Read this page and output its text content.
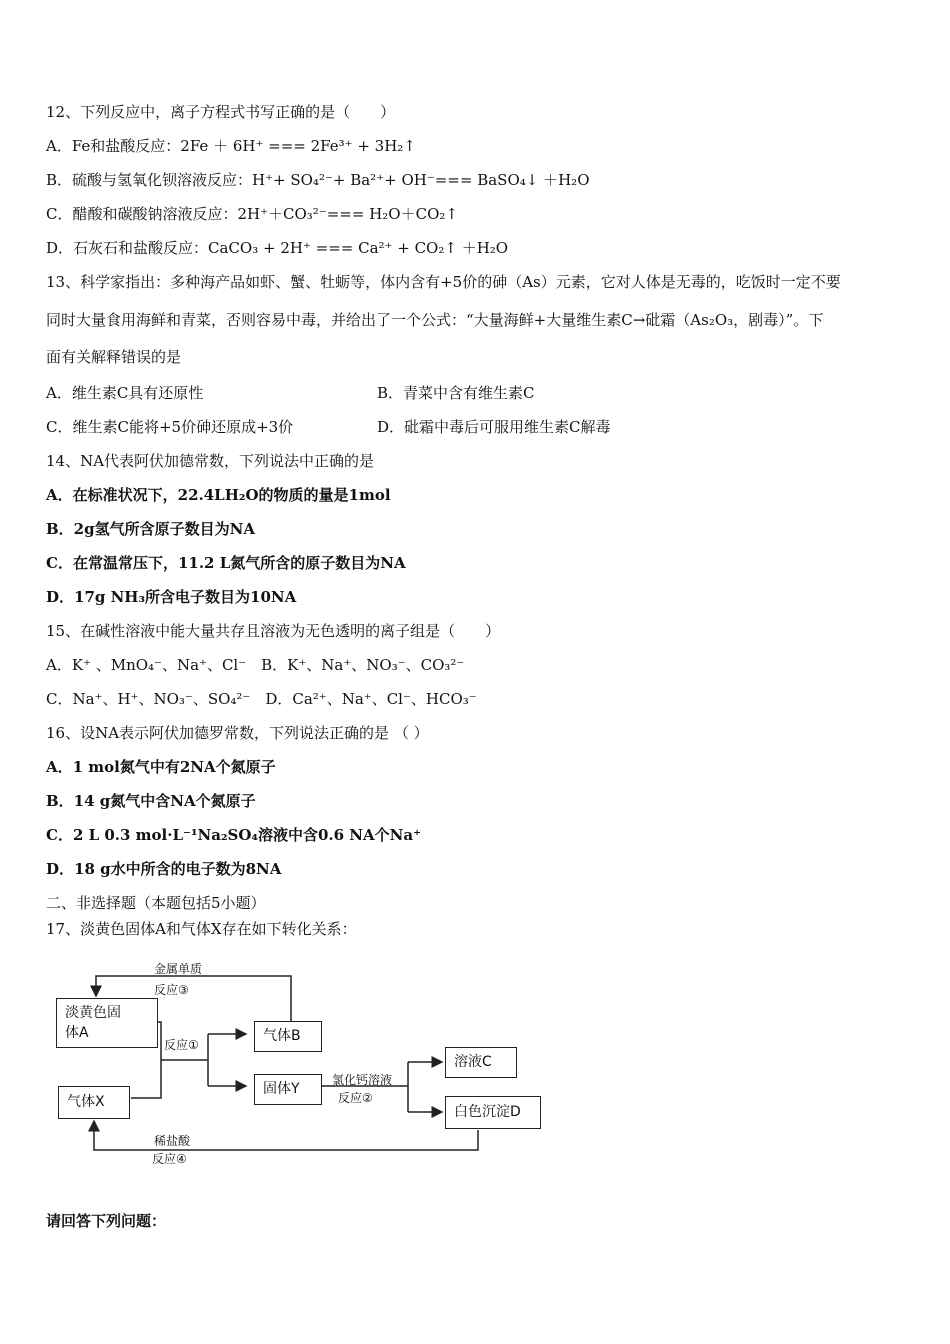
12、下列反应中，离子方程式书写正确的是（　　）
A．Fe和盐酸反应：2Fe ＋ 6H⁺ === 2Fe³⁺ + 3H₂↑
B．硫酸与氢氧化钡溶液反应：H⁺+ SO₄²⁻+ Ba²⁺+ OH⁻=== BaSO₄↓ ＋H₂O
C．醋酸和碳酸钠溶液反应：2H⁺＋CO₃²⁻=== H₂O＋CO₂↑
D．石灰石和盐酸反应：CaCO₃ + 2H⁺ === Ca²⁺ + CO₂↑ ＋H₂O
13、科学家指出：多种海产品如虾、蟹、牡蛎等，体内含有+5价的砷（As）元素，它对人体是无毒的，吃饭时一定不要
同时大量食用海鲜和青菜，否则容易中毒，并给出了一个公式：“大量海鲜+大量维生素C→砒霜（As₂O₃，剧毒）”。下
面有关解释错误的是
A．维生素C具有还原性	B．青菜中含有维生素C
C．维生素C能将+5价砷还原成+3价	D．砒霜中毒后可服用维生素C解毒
14、NA代表阿伏加德常数，下列说法中正确的是
A．在标准状况下，22.4LH₂O的物质的量是1mol
B．2g氢气所含原子数目为NA
C．在常温常压下，11.2 L氮气所含的原子数目为NA
D．17g NH₃所含电子数目为10NA
15、在碱性溶液中能大量共存且溶液为无色透明的离子组是（　　）
A．K⁺ 、MnO₄⁻、Na⁺、Cl⁻　B．K⁺、Na⁺、NO₃⁻、CO₃²⁻
C．Na⁺、H⁺、NO₃⁻、SO₄²⁻　D．Ca²⁺、Na⁺、Cl⁻、HCO₃⁻
16、设NA表示阿伏加德罗常数，下列说法正确的是 （ ）
A．1 mol氮气中有2NA个氮原子
B．14 g氮气中含NA个氮原子
C．2 L 0.3 mol·L⁻¹Na₂SO₄溶液中含0.6 NA个Na⁺
D．18 g水中所含的电子数为8NA
二、非选择题（本题包括5小题）
17、淡黄色固体A和气体X存在如下转化关系：
淡黄色固体A
气体X
气体B
固体Y
溶液C
白色沉淀D
金属单质
反应③
反应①
氯化钙溶液
反应②
稀盐酸
反应④
请回答下列问题：
